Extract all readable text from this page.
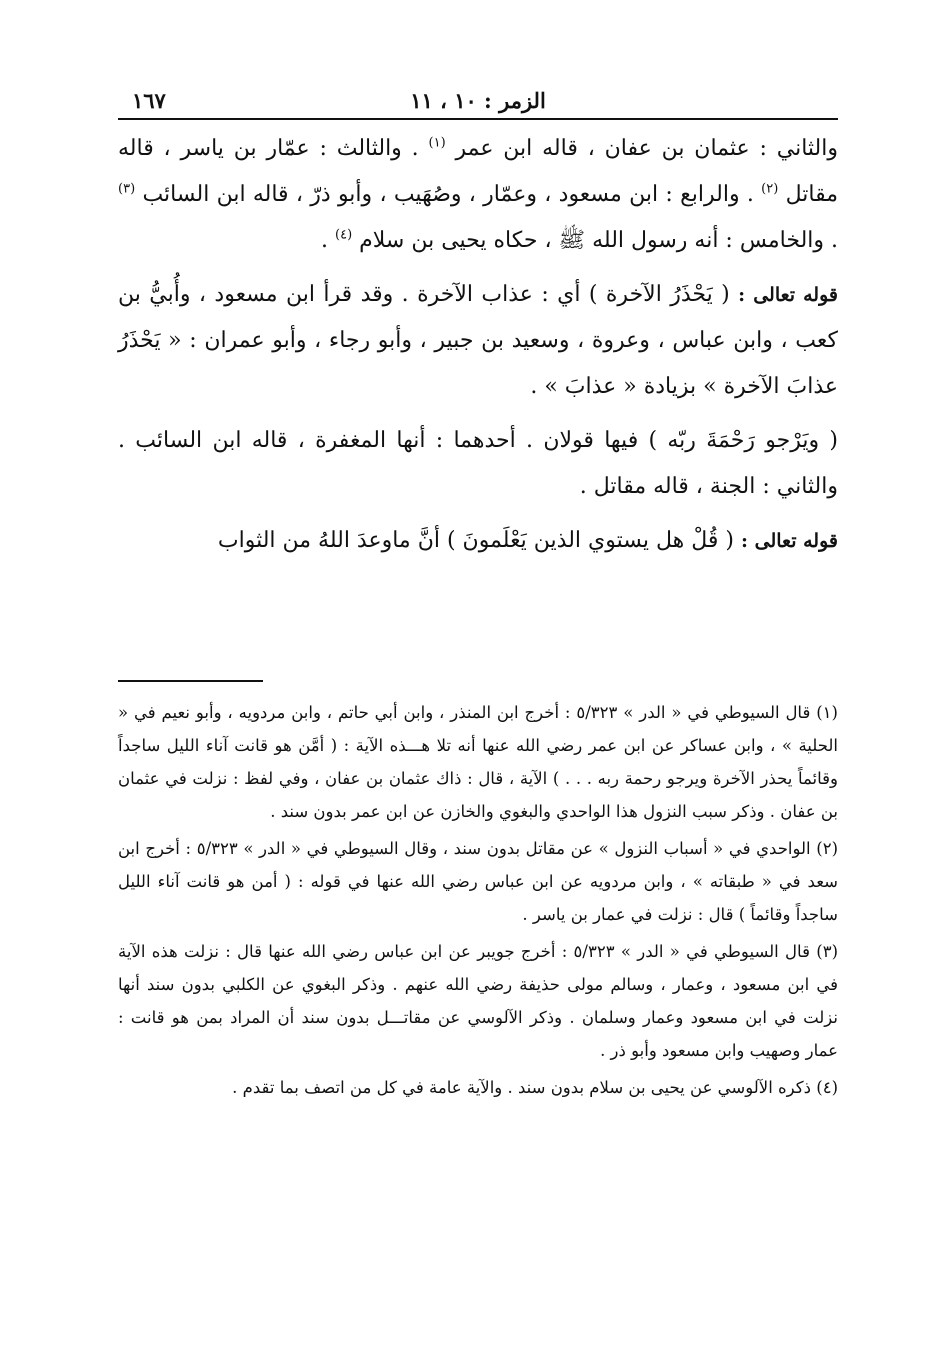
الزمر : ١٠ ، ١١
١٦٧

والثاني : عثمان بن عفان ، قاله ابن عمر $^{(١)}$ . والثالث : عمّار بن ياسر ، قاله مقاتل $^{(٢)}$ . والرابع : ابن مسعود ، وعمّار ، وصُهَيب ، وأبو ذرّ ، قاله ابن السائب $^{(٣)}$ . والخامس : أنه رسول الله ﷺ ، حكاه يحيى بن سلام $^{(٤)}$ .

قوله تعالى : ( يَحْذَرُ الآخرة ) أي : عذاب الآخرة . وقد قرأ ابن مسعود ، وأُبيُّ بن كعب ، وابن عباس ، وعروة ، وسعيد بن جبير ، وأبو رجاء ، وأبو عمران : « يَحْذَرُ عذابَ الآخرة » بزيادة « عذابَ » .

( ويَرْجو رَحْمَةَ ربّه ) فيها قولان . أحدهما : أنها المغفرة ، قاله ابن السائب . والثاني : الجنة ، قاله مقاتل .

قوله تعالى : ( قُلْ هل يستوي الذين يَعْلَمونَ ) أنَّ ماوعدَ اللهُ من الثواب

(١) قال السيوطي في « الدر » ٥/٣٢٣ : أخرج ابن المنذر ، وابن أبي حاتم ، وابن مردويه ، وأبو نعيم في « الحلية » ، وابن عساكر عن ابن عمر رضي الله عنها أنه تلا هـــذه الآية : ( أمَّن هو قانت آناء الليل ساجداً وقائماً يحذر الآخرة ويرجو رحمة ربه . . . ) الآية ، قال : ذاك عثمان بن عفان ، وفي لفظ : نزلت في عثمان بن عفان . وذكر سبب النزول هذا الواحدي والبغوي والخازن عن ابن عمر بدون سند .

(٢) الواحدي في « أسباب النزول » عن مقاتل بدون سند ، وقال السيوطي في « الدر » ٥/٣٢٣ : أخرج ابن سعد في « طبقاته » ، وابن مردويه عن ابن عباس رضي الله عنها في قوله : ( أمن هو قانت آناء الليل ساجداً وقائماً ) قال : نزلت في عمار بن ياسر .

(٣) قال السيوطي في « الدر » ٥/٣٢٣ : أخرج جويبر عن ابن عباس رضي الله عنها قال : نزلت هذه الآية في ابن مسعود ، وعمار ، وسالم مولى حذيفة رضي الله عنهم . وذكر البغوي عن الكلبي بدون سند أنها نزلت في ابن مسعود وعمار وسلمان . وذكر الآلوسي عن مقاتـــل بدون سند أن المراد بمن هو قانت : عمار وصهيب وابن مسعود وأبو ذر .

(٤) ذكره الآلوسي عن يحيى بن سلام بدون سند . والآية عامة في كل من اتصف بما تقدم .
